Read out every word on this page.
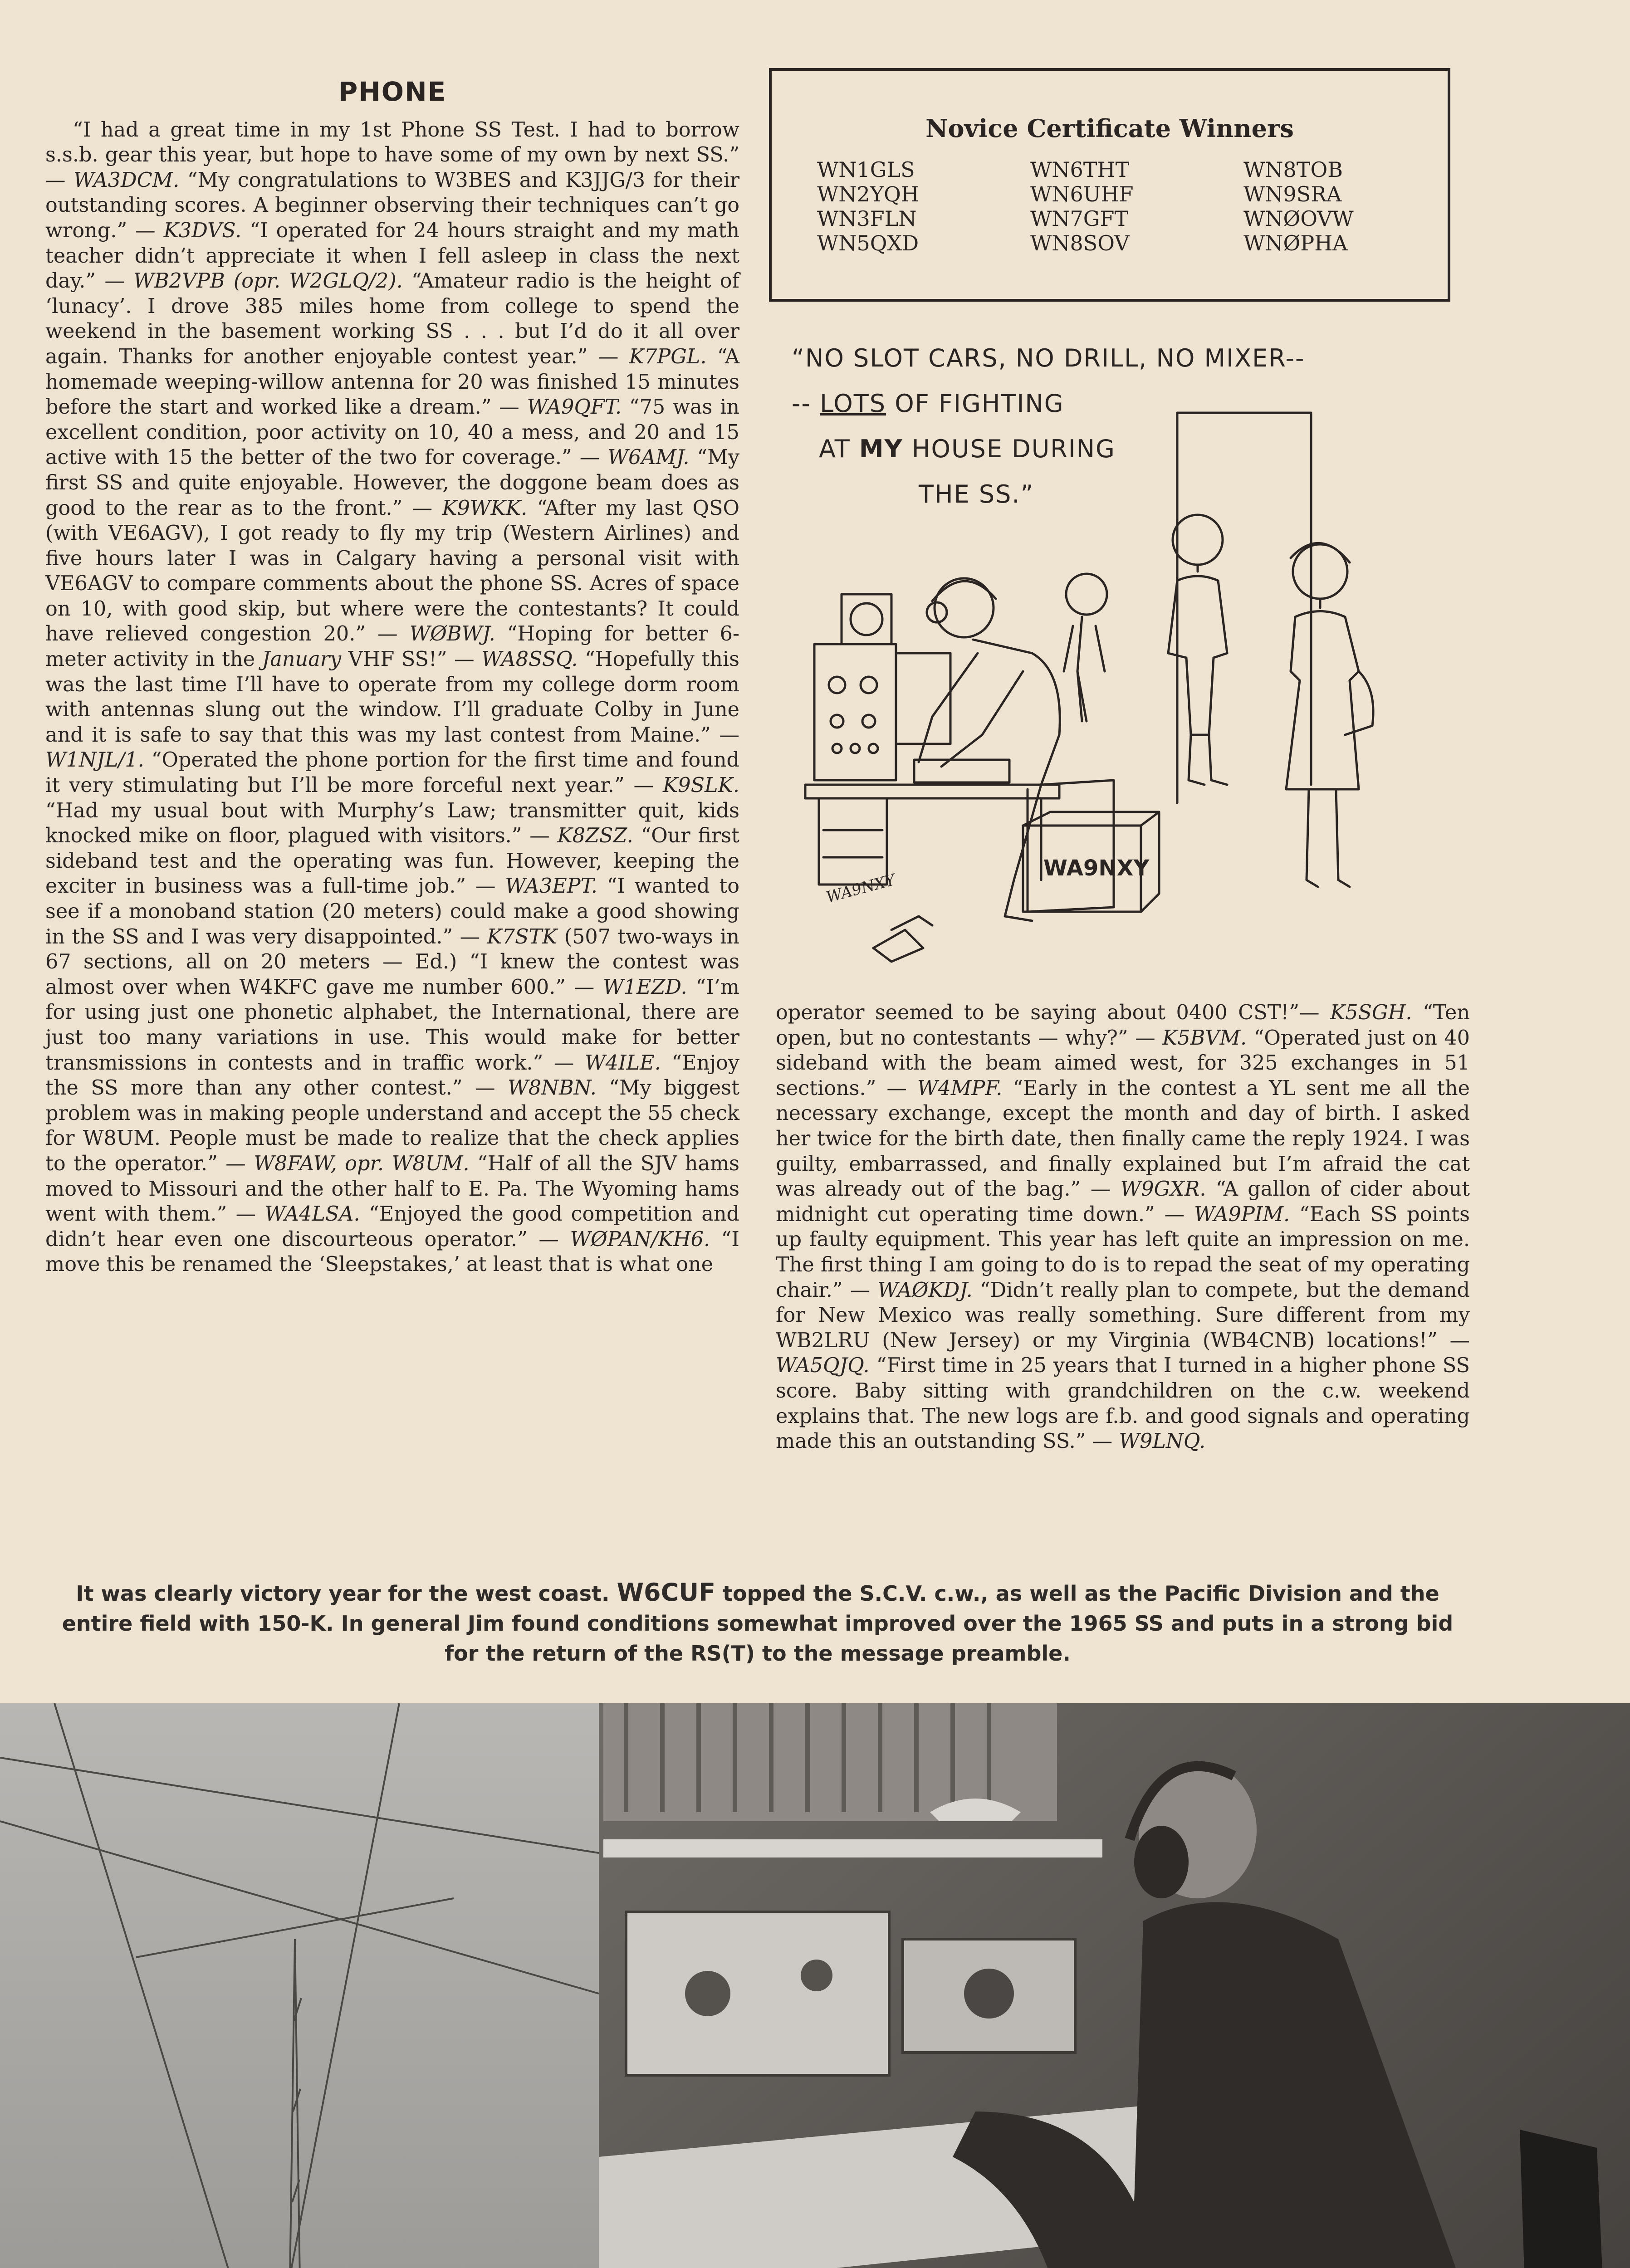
PHONE

“I had a great time in my 1st Phone SS Test. I had to borrow s.s.b. gear this year, but hope to have some of my own by next SS.” — WA3DCM. “My congratulations to W3BES and K3JJG/3 for their outstanding scores. A beginner observing their techniques can’t go wrong.” — K3DVS. “I operated for 24 hours straight and my math teacher didn’t appreciate it when I fell asleep in class the next day.” — WB2VPB (opr. W2GLQ/2). “Amateur radio is the height of ‘lunacy’. I drove 385 miles home from college to spend the weekend in the basement working SS . . . but I’d do it all over again. Thanks for another enjoyable contest year.” — K7PGL. “A homemade weeping-willow antenna for 20 was finished 15 minutes before the start and worked like a dream.” — WA9QFT. “75 was in excellent condition, poor activity on 10, 40 a mess, and 20 and 15 active with 15 the better of the two for coverage.” — W6AMJ. “My first SS and quite enjoyable. However, the doggone beam does as good to the rear as to the front.” — K9WKK. “After my last QSO (with VE6AGV), I got ready to fly my trip (Western Airlines) and five hours later I was in Calgary having a personal visit with VE6AGV to compare comments about the phone SS. Acres of space on 10, with good skip, but where were the contestants? It could have relieved congestion 20.” — WØBWJ. “Hoping for better 6-meter activity in the January VHF SS!” — WA8SSQ. “Hopefully this was the last time I’ll have to operate from my college dorm room with antennas slung out the window. I’ll graduate Colby in June and it is safe to say that this was my last contest from Maine.” — W1NJL/1. “Operated the phone portion for the first time and found it very stimulating but I’ll be more forceful next year.” — K9SLK. “Had my usual bout with Murphy’s Law; transmitter quit, kids knocked mike on floor, plagued with visitors.” — K8ZSZ. “Our first sideband test and the operating was fun. However, keeping the exciter in business was a full-time job.” — WA3EPT. “I wanted to see if a monoband station (20 meters) could make a good showing in the SS and I was very disappointed.” — K7STK (507 two-ways in 67 sections, all on 20 meters — Ed.) “I knew the contest was almost over when W4KFC gave me number 600.” — W1EZD. “I’m for using just one phonetic alphabet, the International, there are just too many variations in use. This would make for better transmissions in contests and in traffic work.” — W4ILE. “Enjoy the SS more than any other contest.” — W8NBN. “My biggest problem was in making people understand and accept the 55 check for W8UM. People must be made to realize that the check applies to the operator.” — W8FAW, opr. W8UM. “Half of all the SJV hams moved to Missouri and the other half to E. Pa. The Wyoming hams went with them.” — WA4LSA. “Enjoyed the good competition and didn’t hear even one discourteous operator.” — WØPAN/KH6. “I move this be renamed the ‘Sleepstakes,’ at least that is what one

Novice Certificate Winners
WN1GLS
WN2YQH
WN3FLN
WN5QXD
WN6THT
WN6UHF
WN7GFT
WN8SOV
WN8TOB
WN9SRA
WNØOVW
WNØPHA
“NO SLOT CARS, NO DRILL, NO MIXER--
-- LOTS OF FIGHTING
AT MY HOUSE DURING
THE SS.”
WA9NXY
WA9NXY

operator seemed to be saying about 0400 CST!”— K5SGH. “Ten open, but no contestants — why?” — K5BVM. “Operated just on 40 sideband with the beam aimed west, for 325 exchanges in 51 sections.” — W4MPF. “Early in the contest a YL sent me all the necessary exchange, except the month and day of birth. I asked her twice for the birth date, then finally came the reply 1924. I was guilty, embarrassed, and finally explained but I’m afraid the cat was already out of the bag.” — W9GXR. “A gallon of cider about midnight cut operating time down.” — WA9PIM. “Each SS points up faulty equipment. This year has left quite an impression on me. The first thing I am going to do is to repad the seat of my operating chair.” — WAØKDJ. “Didn’t really plan to compete, but the demand for New Mexico was really something. Sure different from my WB2LRU (New Jersey) or my Virginia (WB4CNB) locations!” — WA5QJQ. “First time in 25 years that I turned in a higher phone SS score. Baby sitting with grandchildren on the c.w. weekend explains that. The new logs are f.b. and good signals and operating made this an outstanding SS.” — W9LNQ.

It was clearly victory year for the west coast. W6CUF topped the S.C.V. c.w., as well as the Pacific Division and the entire field with 150-K. In general Jim found conditions somewhat improved over the 1965 SS and puts in a strong bid for the return of the RS(T) to the message preamble.
